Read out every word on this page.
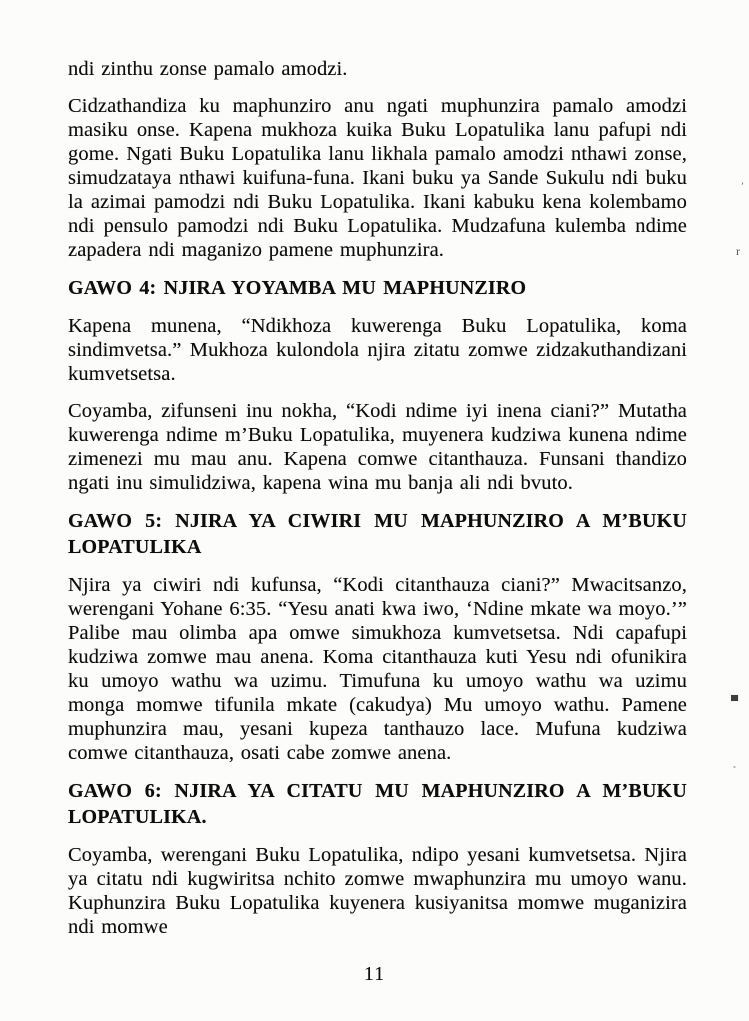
ndi zinthu zonse pamalo amodzi.

Cidzathandiza ku maphunziro anu ngati muphunzira pamalo amodzi masiku onse. Kapena mukhoza kuika Buku Lopatulika lanu pafupi ndi gome. Ngati Buku Lopatulika lanu likhala pamalo amodzi nthawi zonse, simudzataya nthawi kuifuna-funa. Ikani buku ya Sande Sukulu ndi buku la azimai pamodzi ndi Buku Lopatulika. Ikani kabuku kena kolembamo ndi pensulo pamodzi ndi Buku Lopatulika. Mudzafuna kulemba ndime zapadera ndi maganizo pamene muphunzira.

GAWO 4: NJIRA YOYAMBA MU MAPHUNZIRO

Kapena munena, “Ndikhoza kuwerenga Buku Lopatulika, koma sindimvetsa.” Mukhoza kulondola njira zitatu zomwe zidzakuthandizani kumvetsetsa.

Coyamba, zifunseni inu nokha, “Kodi ndime iyi inena ciani?” Mutatha kuwerenga ndime m’Buku Lopatulika, muyenera kudziwa kunena ndime zimenezi mu mau anu. Kapena comwe citanthauza. Funsani thandizo ngati inu simulidziwa, kapena wina mu banja ali ndi bvuto.

GAWO 5: NJIRA YA CIWIRI MU MAPHUNZIRO A M’BUKU LOPATULIKA

Njira ya ciwiri ndi kufunsa, “Kodi citanthauza ciani?” Mwacitsanzo, werengani Yohane 6:35. “Yesu anati kwa iwo, ‘Ndine mkate wa moyo.’” Palibe mau olimba apa omwe simukhoza kumvetsetsa. Ndi capafupi kudziwa zomwe mau anena. Koma citanthauza kuti Yesu ndi ofunikira ku umoyo wathu wa uzimu. Timufuna ku umoyo wathu wa uzimu monga momwe tifunila mkate (cakudya) Mu umoyo wathu. Pamene muphunzira mau, yesani kupeza tanthauzo lace. Mufuna kudziwa comwe citanthauza, osati cabe zomwe anena.

GAWO 6: NJIRA YA CITATU MU MAPHUNZIRO A M’BUKU LOPATULIKA.

Coyamba, werengani Buku Lopatulika, ndipo yesani kumvetsetsa. Njira ya citatu ndi kugwiritsa nchito zomwe mwaphunzira mu umoyo wanu. Kuphunzira Buku Lopatulika kuyenera kusiyanitsa momwe muganizira ndi momwe

11
’
r
▄
˚
